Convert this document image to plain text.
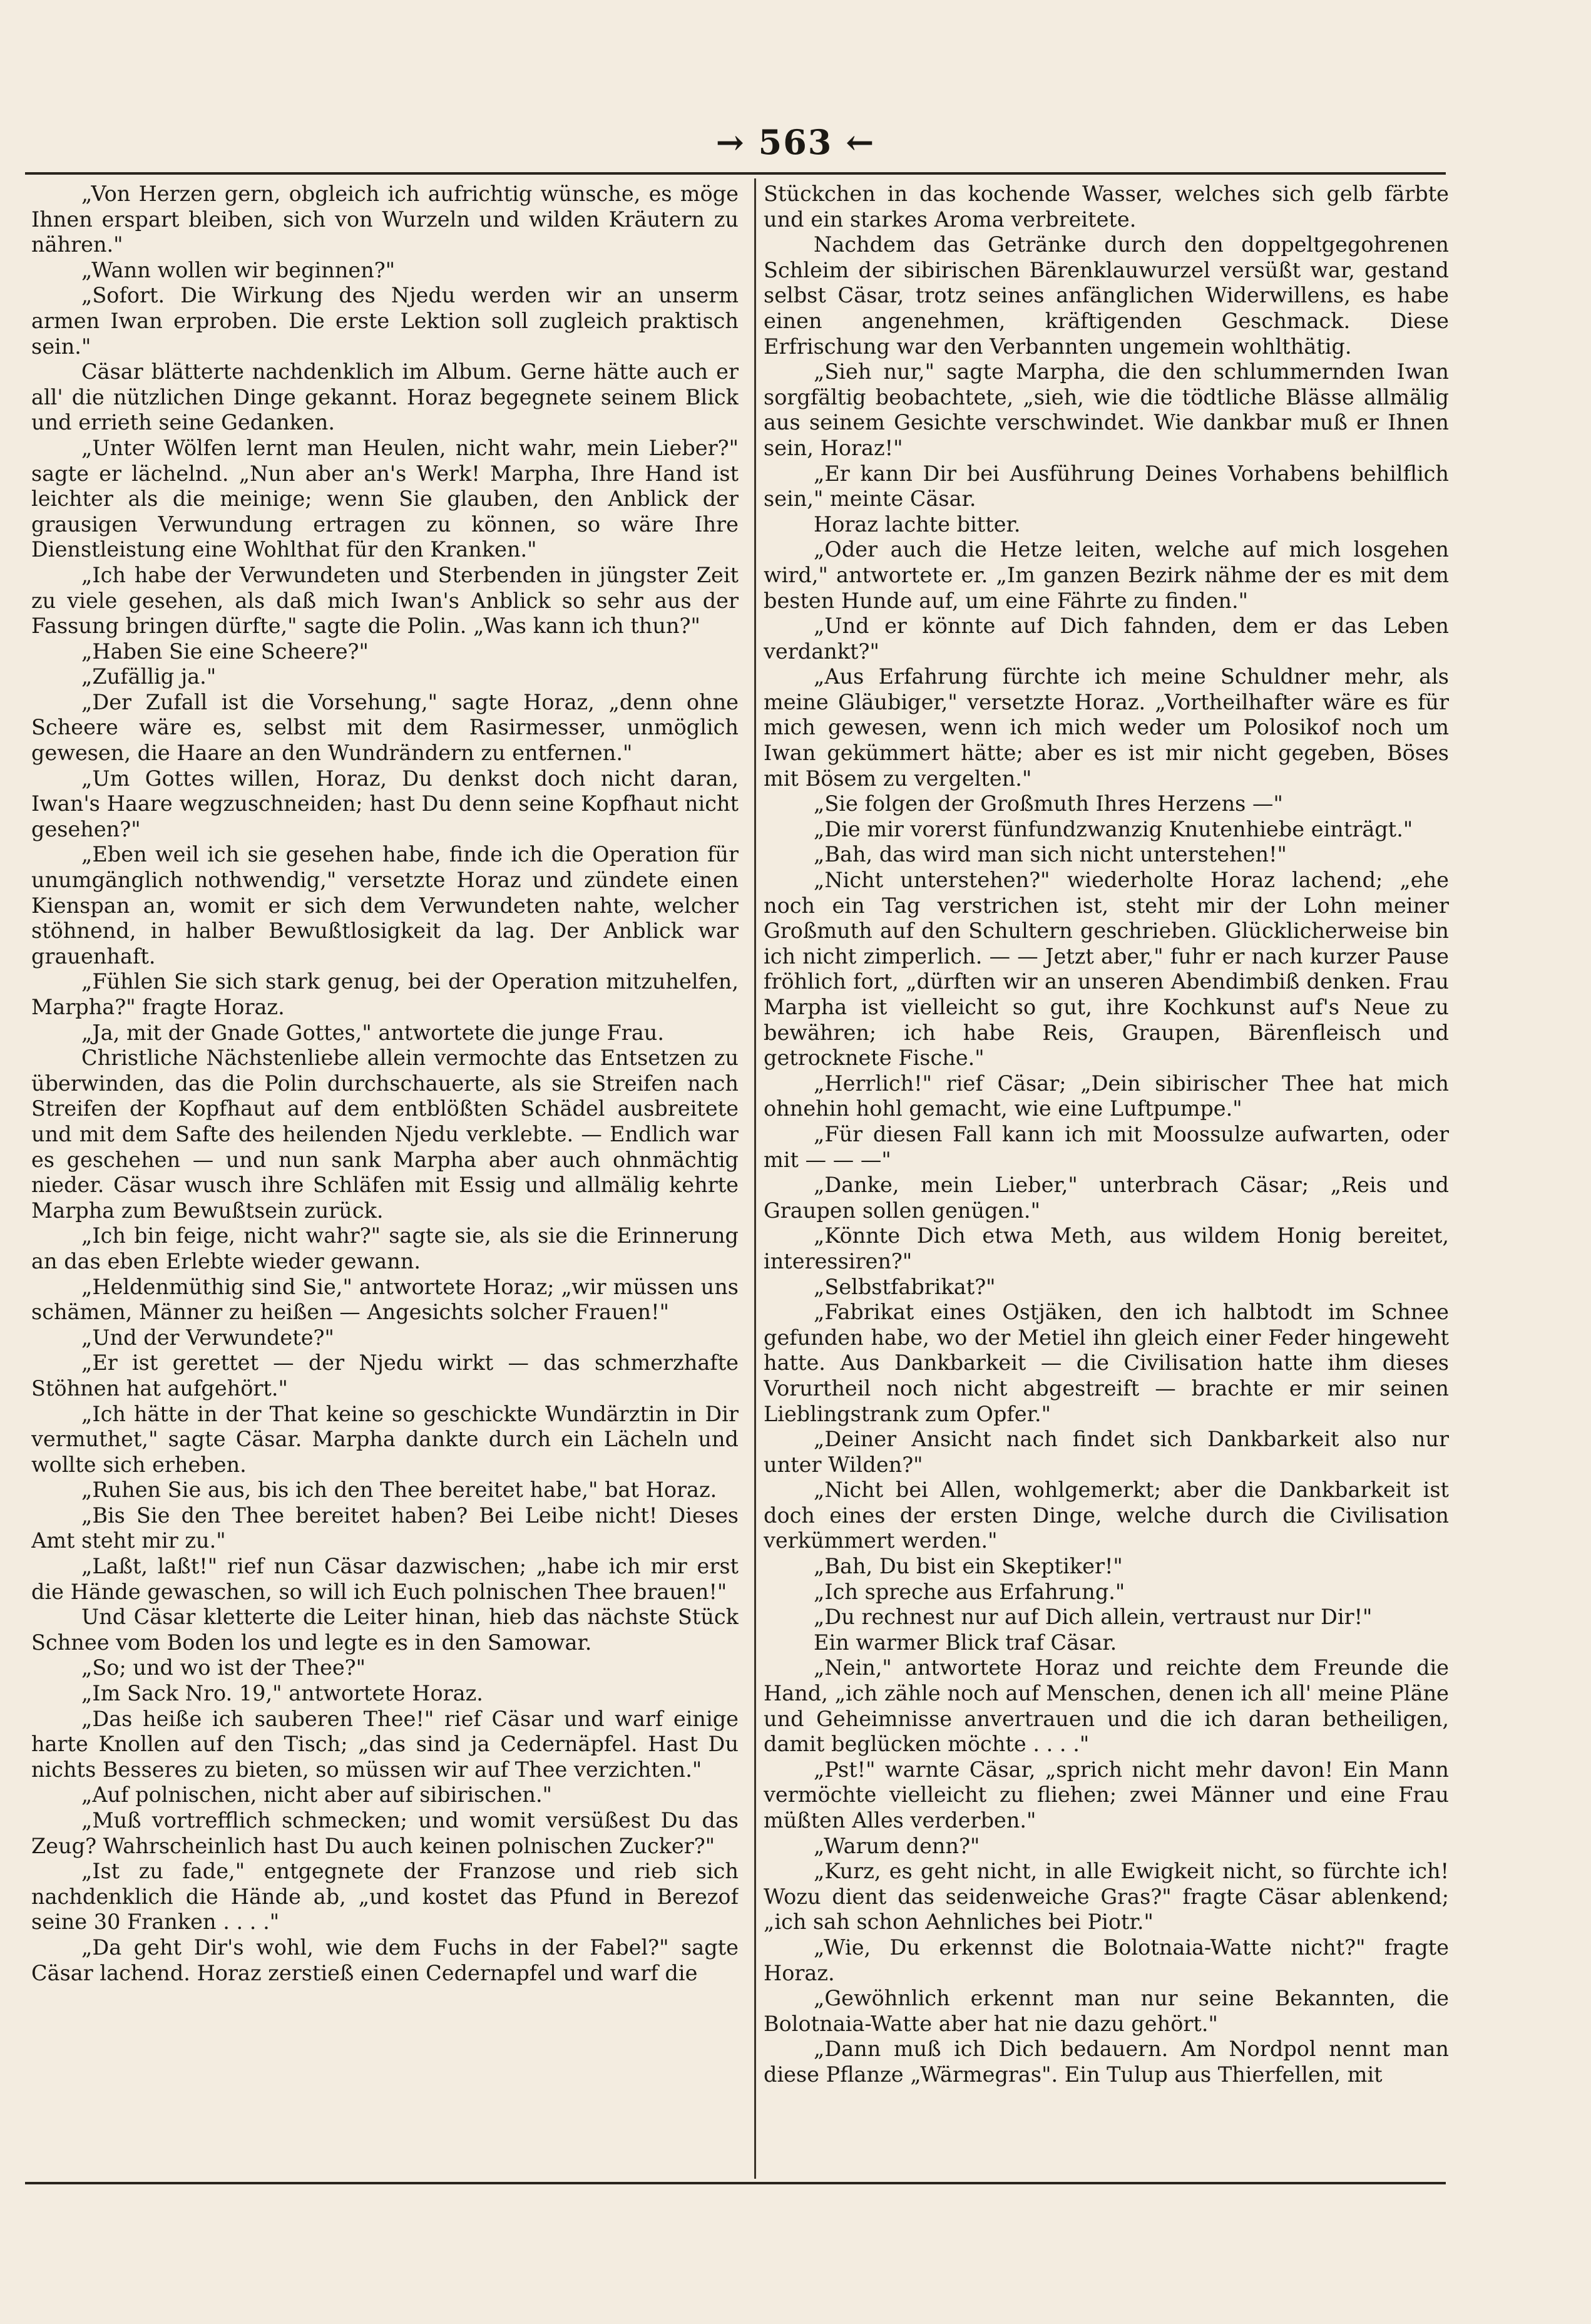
→ 563 ←

„Von Herzen gern, obgleich ich aufrichtig wünsche, es möge Ihnen erspart bleiben, sich von Wurzeln und wilden Kräutern zu nähren."

„Wann wollen wir beginnen?"

„Sofort. Die Wirkung des Njedu werden wir an unserm armen Iwan erproben. Die erste Lektion soll zugleich praktisch sein."

Cäsar blätterte nachdenklich im Album. Gerne hätte auch er all' die nützlichen Dinge gekannt. Horaz begegnete seinem Blick und errieth seine Gedanken.

„Unter Wölfen lernt man Heulen, nicht wahr, mein Lieber?" sagte er lächelnd. „Nun aber an's Werk! Marpha, Ihre Hand ist leichter als die meinige; wenn Sie glauben, den Anblick der grausigen Verwundung ertragen zu können, so wäre Ihre Dienstleistung eine Wohlthat für den Kranken."

„Ich habe der Verwundeten und Sterbenden in jüngster Zeit zu viele gesehen, als daß mich Iwan's Anblick so sehr aus der Fassung bringen dürfte," sagte die Polin. „Was kann ich thun?"

„Haben Sie eine Scheere?"

„Zufällig ja."

„Der Zufall ist die Vorsehung," sagte Horaz, „denn ohne Scheere wäre es, selbst mit dem Rasirmesser, unmöglich gewesen, die Haare an den Wundrändern zu entfernen."

„Um Gottes willen, Horaz, Du denkst doch nicht daran, Iwan's Haare wegzuschneiden; hast Du denn seine Kopfhaut nicht gesehen?"

„Eben weil ich sie gesehen habe, finde ich die Operation für unumgänglich nothwendig," versetzte Horaz und zündete einen Kienspan an, womit er sich dem Verwundeten nahte, welcher stöhnend, in halber Bewußtlosigkeit da lag. Der Anblick war grauenhaft.

„Fühlen Sie sich stark genug, bei der Operation mitzuhelfen, Marpha?" fragte Horaz.

„Ja, mit der Gnade Gottes," antwortete die junge Frau.

Christliche Nächstenliebe allein vermochte das Entsetzen zu überwinden, das die Polin durchschauerte, als sie Streifen nach Streifen der Kopfhaut auf dem entblößten Schädel ausbreitete und mit dem Safte des heilenden Njedu verklebte. — Endlich war es geschehen — und nun sank Marpha aber auch ohnmächtig nieder. Cäsar wusch ihre Schläfen mit Essig und allmälig kehrte Marpha zum Bewußtsein zurück.

„Ich bin feige, nicht wahr?" sagte sie, als sie die Erinnerung an das eben Erlebte wieder gewann.

„Heldenmüthig sind Sie," antwortete Horaz; „wir müssen uns schämen, Männer zu heißen — Angesichts solcher Frauen!"

„Und der Verwundete?"

„Er ist gerettet — der Njedu wirkt — das schmerzhafte Stöhnen hat aufgehört."

„Ich hätte in der That keine so geschickte Wundärztin in Dir vermuthet," sagte Cäsar. Marpha dankte durch ein Lächeln und wollte sich erheben.

„Ruhen Sie aus, bis ich den Thee bereitet habe," bat Horaz.

„Bis Sie den Thee bereitet haben? Bei Leibe nicht! Dieses Amt steht mir zu."

„Laßt, laßt!" rief nun Cäsar dazwischen; „habe ich mir erst die Hände gewaschen, so will ich Euch polnischen Thee brauen!"

Und Cäsar kletterte die Leiter hinan, hieb das nächste Stück Schnee vom Boden los und legte es in den Samowar.

„So; und wo ist der Thee?"

„Im Sack Nro. 19," antwortete Horaz.

„Das heiße ich sauberen Thee!" rief Cäsar und warf einige harte Knollen auf den Tisch; „das sind ja Cedernäpfel. Hast Du nichts Besseres zu bieten, so müssen wir auf Thee verzichten."

„Auf polnischen, nicht aber auf sibirischen."

„Muß vortrefflich schmecken; und womit versüßest Du das Zeug? Wahrscheinlich hast Du auch keinen polnischen Zucker?"

„Ist zu fade," entgegnete der Franzose und rieb sich nachdenklich die Hände ab, „und kostet das Pfund in Berezof seine 30 Franken . . . ."

„Da geht Dir's wohl, wie dem Fuchs in der Fabel?" sagte Cäsar lachend. Horaz zerstieß einen Cedernapfel und warf die

Stückchen in das kochende Wasser, welches sich gelb färbte und ein starkes Aroma verbreitete.

Nachdem das Getränke durch den doppeltgegohrenen Schleim der sibirischen Bärenklauwurzel versüßt war, gestand selbst Cäsar, trotz seines anfänglichen Widerwillens, es habe einen angenehmen, kräftigenden Geschmack. Diese Erfrischung war den Verbannten ungemein wohlthätig.

„Sieh nur," sagte Marpha, die den schlummernden Iwan sorgfältig beobachtete, „sieh, wie die tödtliche Blässe allmälig aus seinem Gesichte verschwindet. Wie dankbar muß er Ihnen sein, Horaz!"

„Er kann Dir bei Ausführung Deines Vorhabens behilflich sein," meinte Cäsar.

Horaz lachte bitter.

„Oder auch die Hetze leiten, welche auf mich losgehen wird," antwortete er. „Im ganzen Bezirk nähme der es mit dem besten Hunde auf, um eine Fährte zu finden."

„Und er könnte auf Dich fahnden, dem er das Leben verdankt?"

„Aus Erfahrung fürchte ich meine Schuldner mehr, als meine Gläubiger," versetzte Horaz. „Vortheilhafter wäre es für mich gewesen, wenn ich mich weder um Polosikof noch um Iwan gekümmert hätte; aber es ist mir nicht gegeben, Böses mit Bösem zu vergelten."

„Sie folgen der Großmuth Ihres Herzens —"

„Die mir vorerst fünfundzwanzig Knutenhiebe einträgt."

„Bah, das wird man sich nicht unterstehen!"

„Nicht unterstehen?" wiederholte Horaz lachend; „ehe noch ein Tag verstrichen ist, steht mir der Lohn meiner Großmuth auf den Schultern geschrieben. Glücklicherweise bin ich nicht zimperlich. — — Jetzt aber," fuhr er nach kurzer Pause fröhlich fort, „dürften wir an unseren Abendimbiß denken. Frau Marpha ist vielleicht so gut, ihre Kochkunst auf's Neue zu bewähren; ich habe Reis, Graupen, Bärenfleisch und getrocknete Fische."

„Herrlich!" rief Cäsar; „Dein sibirischer Thee hat mich ohnehin hohl gemacht, wie eine Luftpumpe."

„Für diesen Fall kann ich mit Moossulze aufwarten, oder mit — — —"

„Danke, mein Lieber," unterbrach Cäsar; „Reis und Graupen sollen genügen."

„Könnte Dich etwa Meth, aus wildem Honig bereitet, interessiren?"

„Selbstfabrikat?"

„Fabrikat eines Ostjäken, den ich halbtodt im Schnee gefunden habe, wo der Metiel ihn gleich einer Feder hingeweht hatte. Aus Dankbarkeit — die Civilisation hatte ihm dieses Vorurtheil noch nicht abgestreift — brachte er mir seinen Lieblingstrank zum Opfer."

„Deiner Ansicht nach findet sich Dankbarkeit also nur unter Wilden?"

„Nicht bei Allen, wohlgemerkt; aber die Dankbarkeit ist doch eines der ersten Dinge, welche durch die Civilisation verkümmert werden."

„Bah, Du bist ein Skeptiker!"

„Ich spreche aus Erfahrung."

„Du rechnest nur auf Dich allein, vertraust nur Dir!"

Ein warmer Blick traf Cäsar.

„Nein," antwortete Horaz und reichte dem Freunde die Hand, „ich zähle noch auf Menschen, denen ich all' meine Pläne und Geheimnisse anvertrauen und die ich daran betheiligen, damit beglücken möchte . . . ."

„Pst!" warnte Cäsar, „sprich nicht mehr davon! Ein Mann vermöchte vielleicht zu fliehen; zwei Männer und eine Frau müßten Alles verderben."

„Warum denn?"

„Kurz, es geht nicht, in alle Ewigkeit nicht, so fürchte ich! Wozu dient das seidenweiche Gras?" fragte Cäsar ablenkend; „ich sah schon Aehnliches bei Piotr."

„Wie, Du erkennst die Bolotnaia-Watte nicht?" fragte Horaz.

„Gewöhnlich erkennt man nur seine Bekannten, die Bolotnaia-Watte aber hat nie dazu gehört."

„Dann muß ich Dich bedauern. Am Nordpol nennt man diese Pflanze „Wärmegras". Ein Tulup aus Thierfellen, mit
